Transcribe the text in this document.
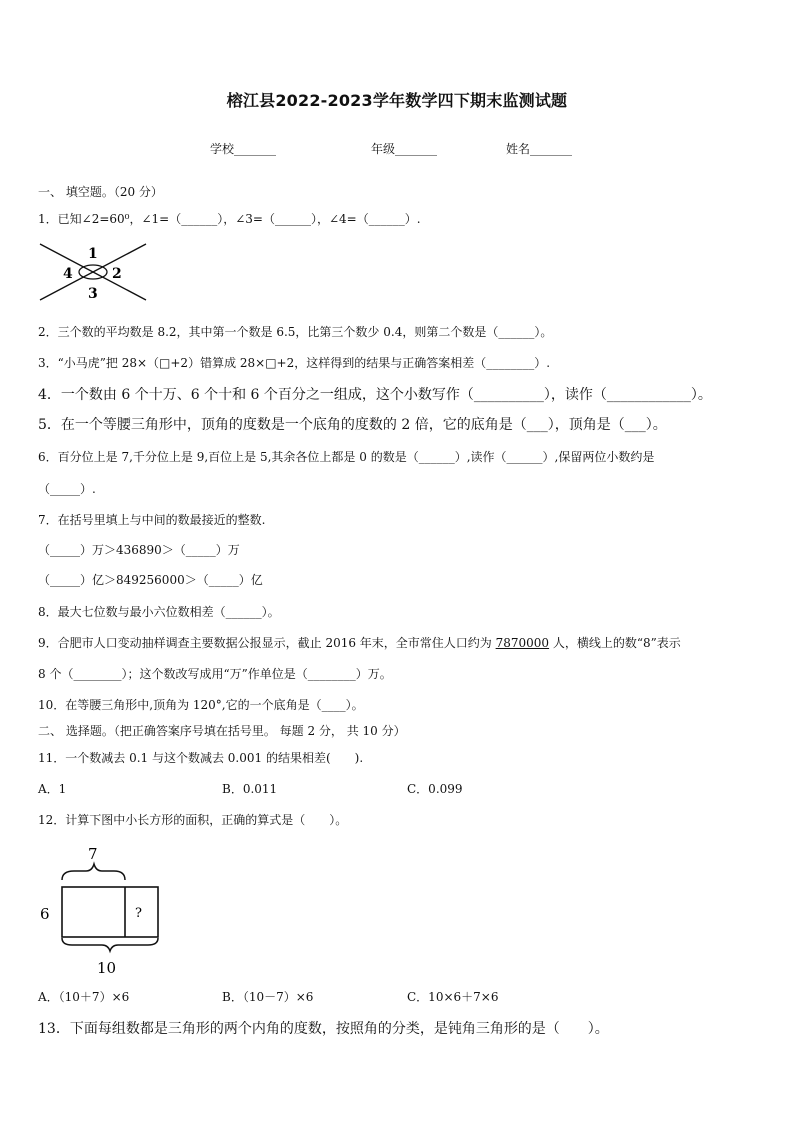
榕江县2022-2023学年数学四下期末监测试题
学校_______	年级_______	姓名_______
一、 填空题。（20 分）
1．已知∠2=60⁰，∠1=（______），∠3=（______），∠4=（______）.
1
2
3
4
2．三个数的平均数是 8.2，其中第一个数是 6.5，比第三个数少 0.4，则第二个数是（______）。
3．“小马虎”把 28×（□+2）错算成 28×□+2，这样得到的结果与正确答案相差（________）.
4．一个数由 6 个十万、6 个十和 6 个百分之一组成，这个小数写作（__________），读作（____________）。
5．在一个等腰三角形中，顶角的度数是一个底角的度数的 2 倍，它的底角是（___），顶角是（___）。
6．百分位上是 7,千分位上是 9,百位上是 5,其余各位上都是 0 的数是（______）,读作（______）,保留两位小数约是
（_____）.
7．在括号里填上与中间的数最接近的整数.
（_____）万＞436890＞（_____）万
（_____）亿＞849256000＞（_____）亿
8．最大七位数与最小六位数相差（______）。
9．合肥市人口变动抽样调查主要数据公报显示，截止 2016 年末，全市常住人口约为 7870000 人，横线上的数“8”表示
8 个（________）；这个数改写成用“万”作单位是（________）万。
10．在等腰三角形中,顶角为 120°,它的一个底角是（____）。
二、 选择题。（把正确答案序号填在括号里。 每题 2 分， 共 10 分）
11．一个数减去 0.1 与这个数减去 0.001 的结果相差(　　).
A．1	B．0.011	C．0.099
12．计算下图中小长方形的面积，正确的算式是（　　）。
7
?
6
10
A．（10＋7）×6	B．（10－7）×6	C．10×6＋7×6
13．下面每组数都是三角形的两个内角的度数，按照角的分类，是钝角三角形的是（　　）。
